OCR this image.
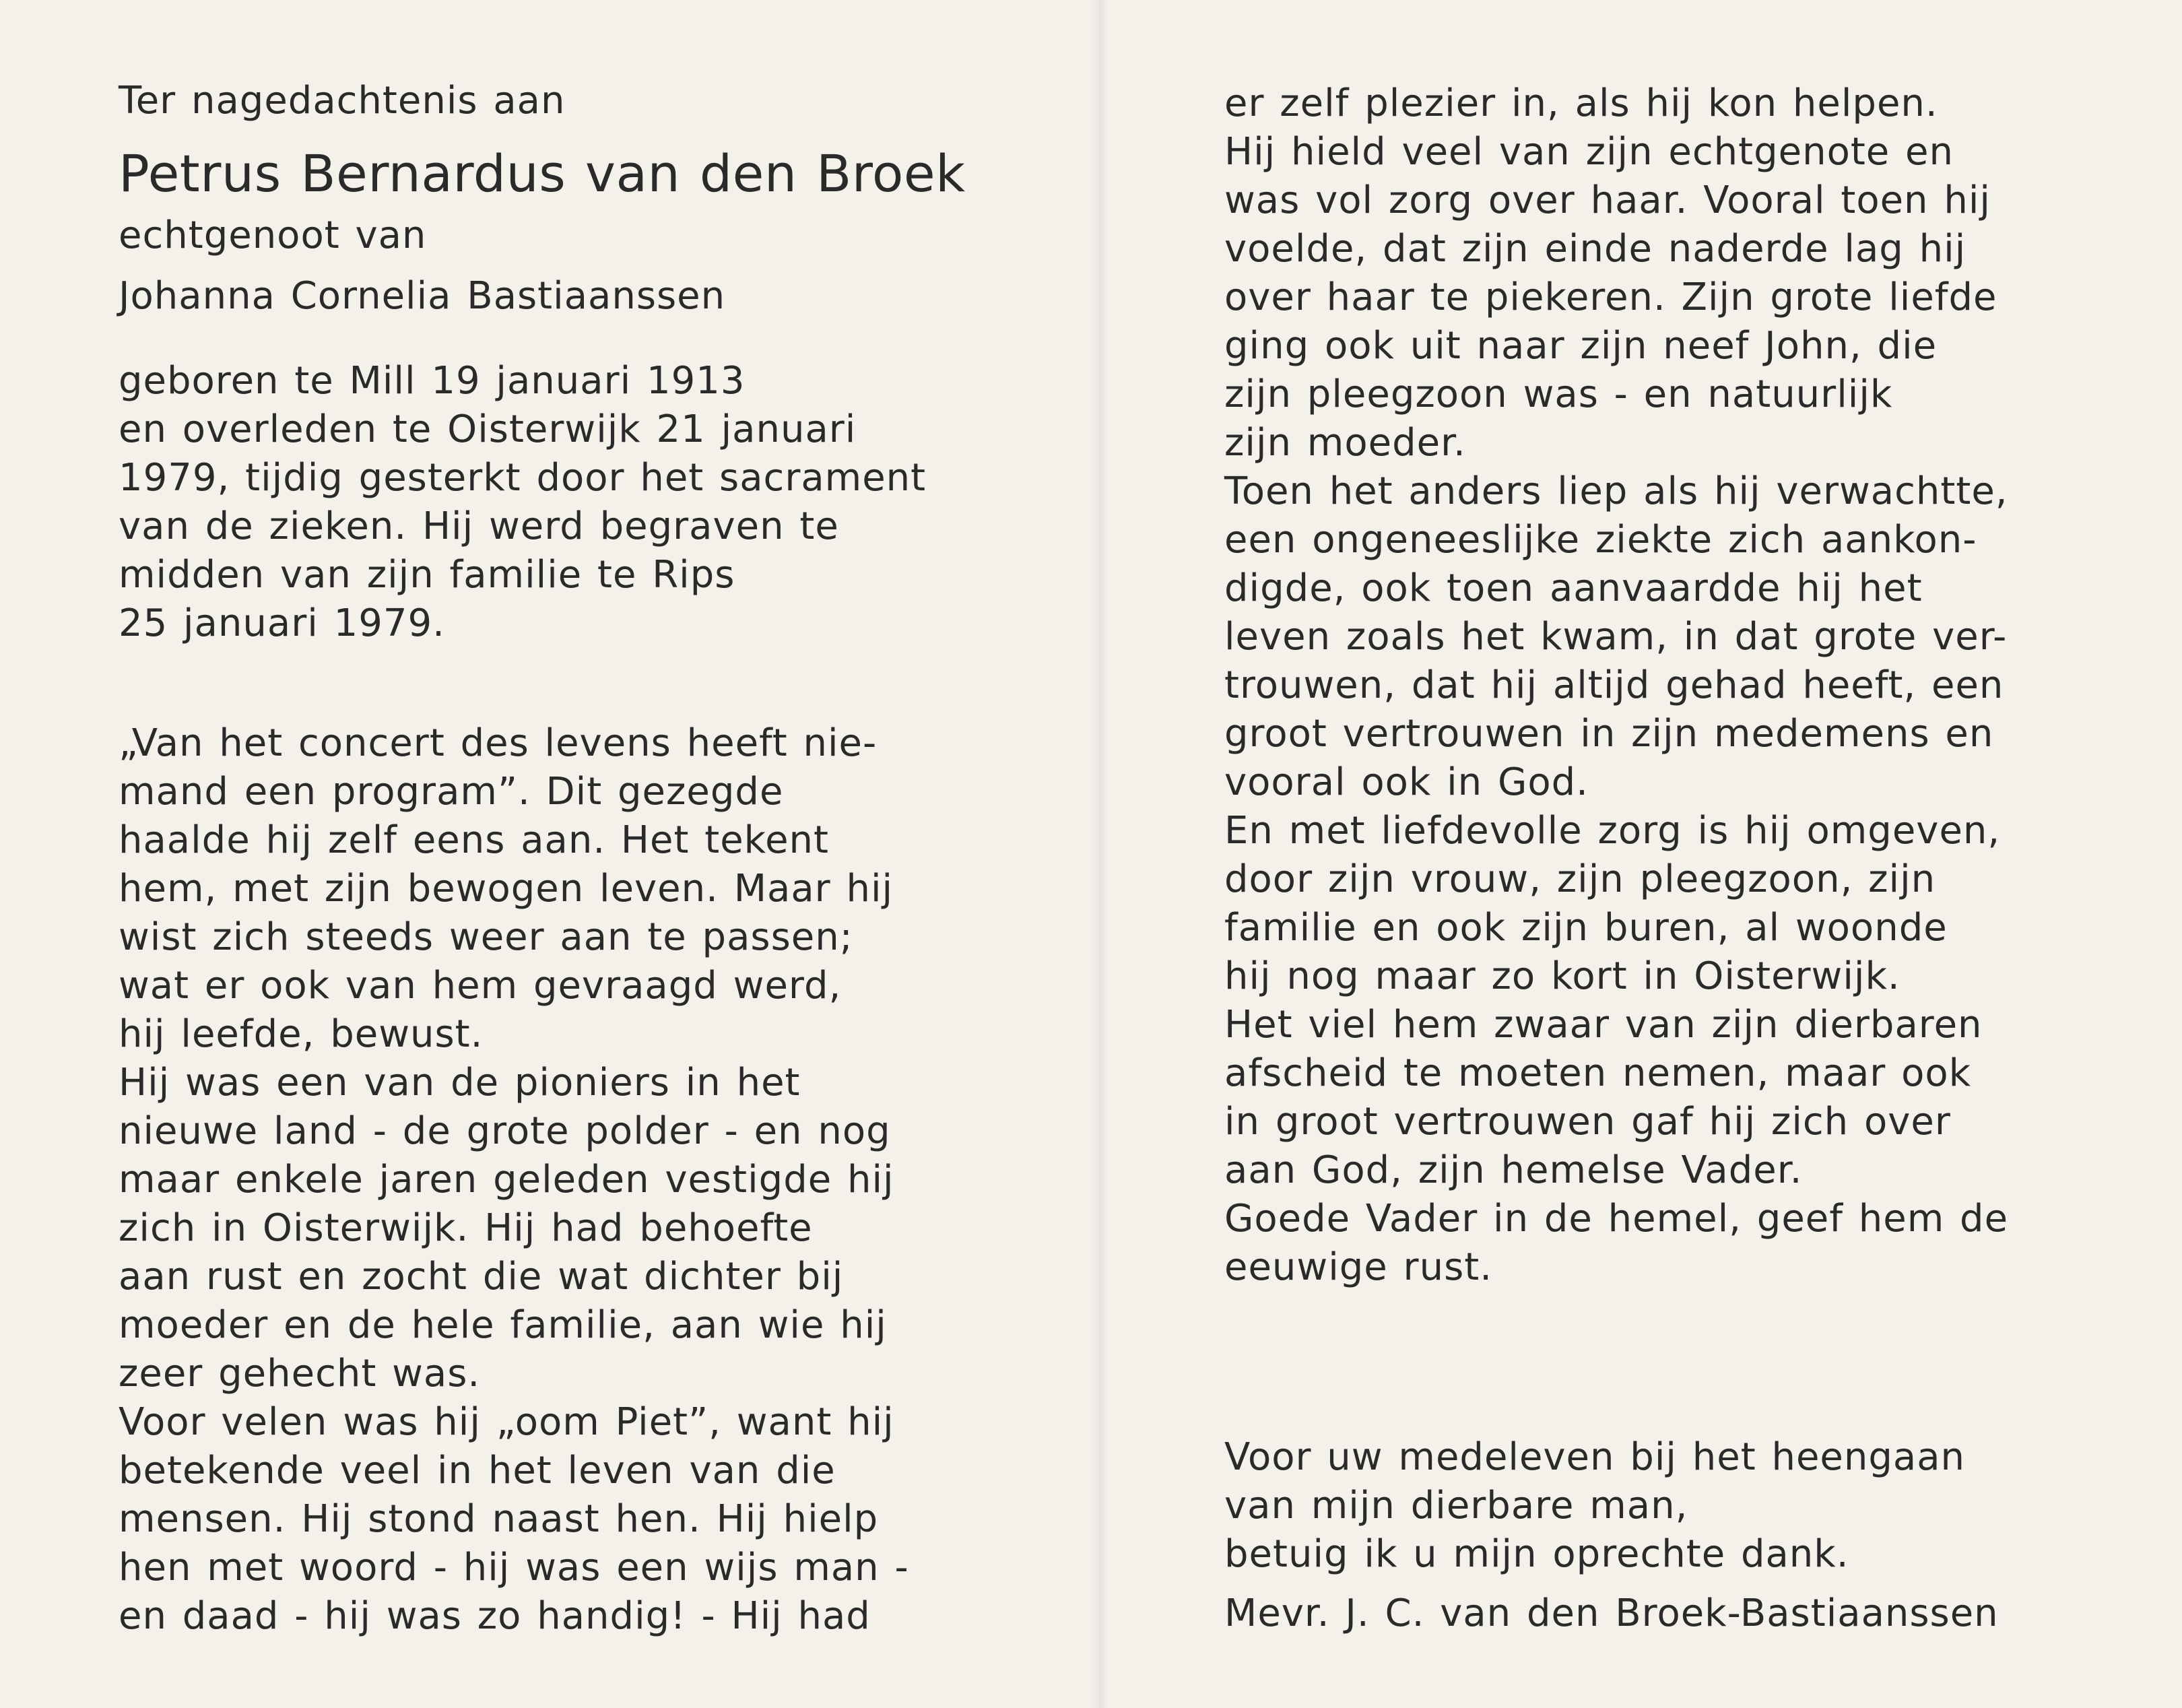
Ter nagedachtenis aan
Petrus Bernardus van den Broek
echtgenoot van
Johanna Cornelia Bastiaanssen
geboren te Mill 19 januari 1913
en overleden te Oisterwijk 21 januari
1979, tijdig gesterkt door het sacrament
van de zieken. Hij werd begraven te
midden van zijn familie te Rips
25 januari 1979.
„Van het concert des levens heeft nie-
mand een program”. Dit gezegde
haalde hij zelf eens aan. Het tekent
hem, met zijn bewogen leven. Maar hij
wist zich steeds weer aan te passen;
wat er ook van hem gevraagd werd,
hij leefde, bewust.
Hij was een van de pioniers in het
nieuwe land - de grote polder - en nog
maar enkele jaren geleden vestigde hij
zich in Oisterwijk. Hij had behoefte
aan rust en zocht die wat dichter bij
moeder en de hele familie, aan wie hij
zeer gehecht was.
Voor velen was hij „oom Piet”, want hij
betekende veel in het leven van die
mensen. Hij stond naast hen. Hij hielp
hen met woord - hij was een wijs man -
en daad - hij was zo handig! - Hij had
er zelf plezier in, als hij kon helpen.
Hij hield veel van zijn echtgenote en
was vol zorg over haar. Vooral toen hij
voelde, dat zijn einde naderde lag hij
over haar te piekeren. Zijn grote liefde
ging ook uit naar zijn neef John, die
zijn pleegzoon was - en natuurlijk
zijn moeder.
Toen het anders liep als hij verwachtte,
een ongeneeslijke ziekte zich aankon-
digde, ook toen aanvaardde hij het
leven zoals het kwam, in dat grote ver-
trouwen, dat hij altijd gehad heeft, een
groot vertrouwen in zijn medemens en
vooral ook in God.
En met liefdevolle zorg is hij omgeven,
door zijn vrouw, zijn pleegzoon, zijn
familie en ook zijn buren, al woonde
hij nog maar zo kort in Oisterwijk.
Het viel hem zwaar van zijn dierbaren
afscheid te moeten nemen, maar ook
in groot vertrouwen gaf hij zich over
aan God, zijn hemelse Vader.
Goede Vader in de hemel, geef hem de
eeuwige rust.
Voor uw medeleven bij het heengaan
van mijn dierbare man,
betuig ik u mijn oprechte dank.
Mevr. J. C. van den Broek-Bastiaanssen
